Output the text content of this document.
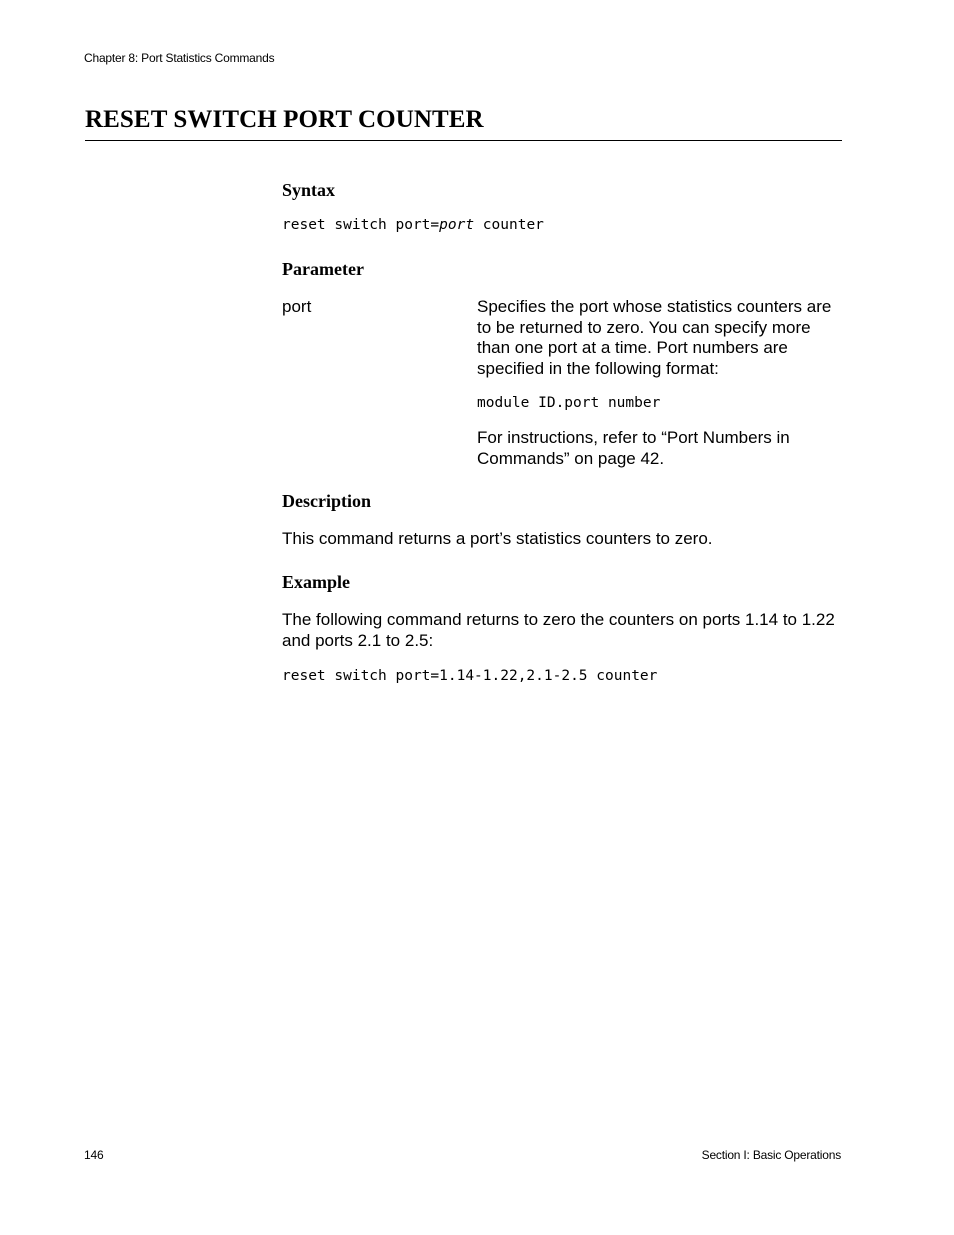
Chapter 8: Port Statistics Commands
RESET SWITCH PORT COUNTER
Syntax
reset switch port=port counter
Parameter
port	Specifies the port whose statistics counters are to be returned to zero. You can specify more than one port at a time. Port numbers are specified in the following format:

module ID.port number

For instructions, refer to “Port Numbers in Commands” on page 42.

Description

This command returns a port’s statistics counters to zero.

Example

The following command returns to zero the counters on ports 1.14 to 1.22 and ports 2.1 to 2.5:

reset switch port=1.14-1.22,2.1-2.5 counter
146	Section I: Basic Operations
